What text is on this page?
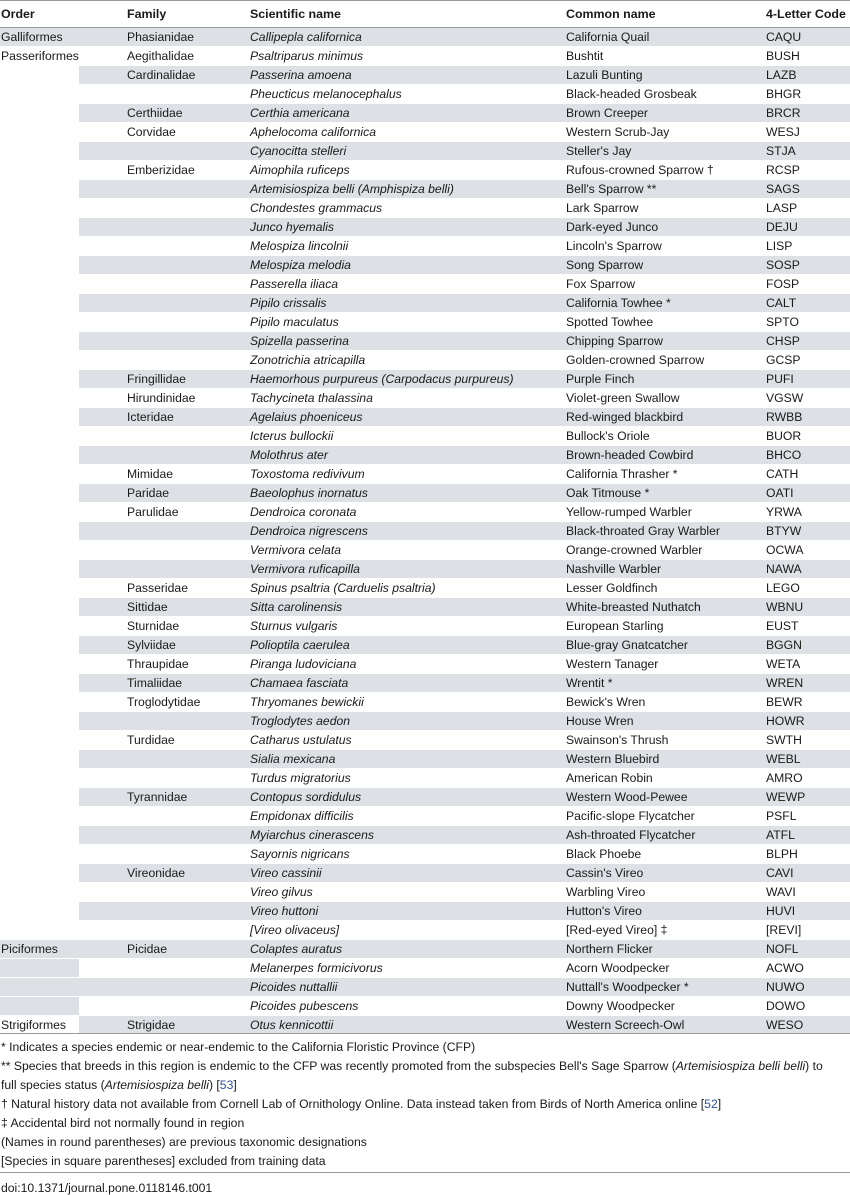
Order	Family	Scientific name	Common name	4-Letter Code
Galliformes	Phasianidae	Callipepla californica	California Quail	CAQU
Passeriformes	Aegithalidae	Psaltriparus minimus	Bushtit	BUSH
	Cardinalidae	Passerina amoena	Lazuli Bunting	LAZB
		Pheucticus melanocephalus	Black-headed Grosbeak	BHGR
	Certhiidae	Certhia americana	Brown Creeper	BRCR
	Corvidae	Aphelocoma californica	Western Scrub-Jay	WESJ
		Cyanocitta stelleri	Steller's Jay	STJA
	Emberizidae	Aimophila ruficeps	Rufous-crowned Sparrow †	RCSP
		Artemisiospiza belli (Amphispiza belli)	Bell's Sparrow **	SAGS
		Chondestes grammacus	Lark Sparrow	LASP
		Junco hyemalis	Dark-eyed Junco	DEJU
		Melospiza lincolnii	Lincoln's Sparrow	LISP
		Melospiza melodia	Song Sparrow	SOSP
		Passerella iliaca	Fox Sparrow	FOSP
		Pipilo crissalis	California Towhee *	CALT
		Pipilo maculatus	Spotted Towhee	SPTO
		Spizella passerina	Chipping Sparrow	CHSP
		Zonotrichia atricapilla	Golden-crowned Sparrow	GCSP
	Fringillidae	Haemorhous purpureus (Carpodacus purpureus)	Purple Finch	PUFI
	Hirundinidae	Tachycineta thalassina	Violet-green Swallow	VGSW
	Icteridae	Agelaius phoeniceus	Red-winged blackbird	RWBB
		Icterus bullockii	Bullock's Oriole	BUOR
		Molothrus ater	Brown-headed Cowbird	BHCO
	Mimidae	Toxostoma redivivum	California Thrasher *	CATH
	Paridae	Baeolophus inornatus	Oak Titmouse *	OATI
	Parulidae	Dendroica coronata	Yellow-rumped Warbler	YRWA
		Dendroica nigrescens	Black-throated Gray Warbler	BTYW
		Vermivora celata	Orange-crowned Warbler	OCWA
		Vermivora ruficapilla	Nashville Warbler	NAWA
	Passeridae	Spinus psaltria (Carduelis psaltria)	Lesser Goldfinch	LEGO
	Sittidae	Sitta carolinensis	White-breasted Nuthatch	WBNU
	Sturnidae	Sturnus vulgaris	European Starling	EUST
	Sylviidae	Polioptila caerulea	Blue-gray Gnatcatcher	BGGN
	Thraupidae	Piranga ludoviciana	Western Tanager	WETA
	Timaliidae	Chamaea fasciata	Wrentit *	WREN
	Troglodytidae	Thryomanes bewickii	Bewick's Wren	BEWR
		Troglodytes aedon	House Wren	HOWR
	Turdidae	Catharus ustulatus	Swainson's Thrush	SWTH
		Sialia mexicana	Western Bluebird	WEBL
		Turdus migratorius	American Robin	AMRO
	Tyrannidae	Contopus sordidulus	Western Wood-Pewee	WEWP
		Empidonax difficilis	Pacific-slope Flycatcher	PSFL
		Myiarchus cinerascens	Ash-throated Flycatcher	ATFL
		Sayornis nigricans	Black Phoebe	BLPH
	Vireonidae	Vireo cassinii	Cassin's Vireo	CAVI
		Vireo gilvus	Warbling Vireo	WAVI
		Vireo huttoni	Hutton's Vireo	HUVI
		[Vireo olivaceus]	[Red-eyed Vireo] ‡	[REVI]
Piciformes	Picidae	Colaptes auratus	Northern Flicker	NOFL
		Melanerpes formicivorus	Acorn Woodpecker	ACWO
		Picoides nuttallii	Nuttall's Woodpecker *	NUWO
		Picoides pubescens	Downy Woodpecker	DOWO
Strigiformes	Strigidae	Otus kennicottii	Western Screech-Owl	WESO
* Indicates a species endemic or near-endemic to the California Floristic Province (CFP)
** Species that breeds in this region is endemic to the CFP was recently promoted from the subspecies Bell's Sage Sparrow (Artemisiospiza belli belli) to
full species status (Artemisiospiza belli) [53]
† Natural history data not available from Cornell Lab of Ornithology Online. Data instead taken from Birds of North America online [52]
‡ Accidental bird not normally found in region
(Names in round parentheses) are previous taxonomic designations
[Species in square parentheses] excluded from training data
doi:10.1371/journal.pone.0118146.t001
